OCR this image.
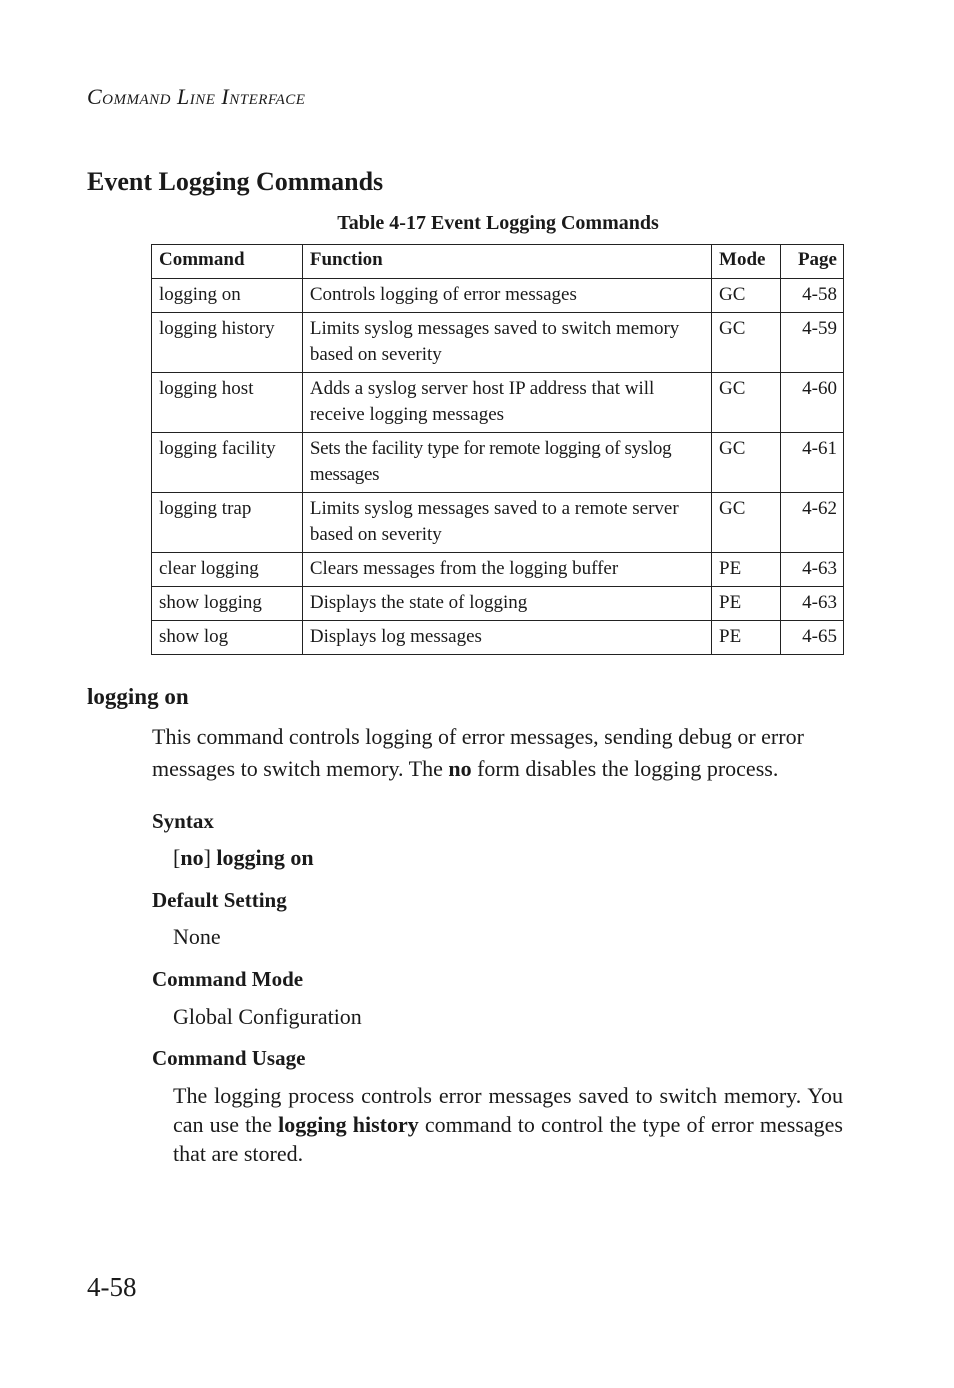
Command Line Interface
Event Logging Commands
Table 4-17 Event Logging Commands
Command	Function	Mode	Page
logging on	Controls logging of error messages	GC	4-58
logging history	Limits syslog messages saved to switch memory based on severity	GC	4-59
logging host	Adds a syslog server host IP address that will receive logging messages	GC	4-60
logging facility	Sets the facility type for remote logging of syslog messages	GC	4-61
logging trap	Limits syslog messages saved to a remote server based on severity	GC	4-62
clear logging	Clears messages from the logging buffer	PE	4-63
show logging	Displays the state of logging	PE	4-63
show log	Displays log messages	PE	4-65
logging on
This command controls logging of error messages, sending debug or error messages to switch memory. The no form disables the logging process.
Syntax
[no] logging on
Default Setting
None
Command Mode
Global Configuration
Command Usage
The logging process controls error messages saved to switch memory. You can use the logging history command to control the type of error messages that are stored.
4-58
